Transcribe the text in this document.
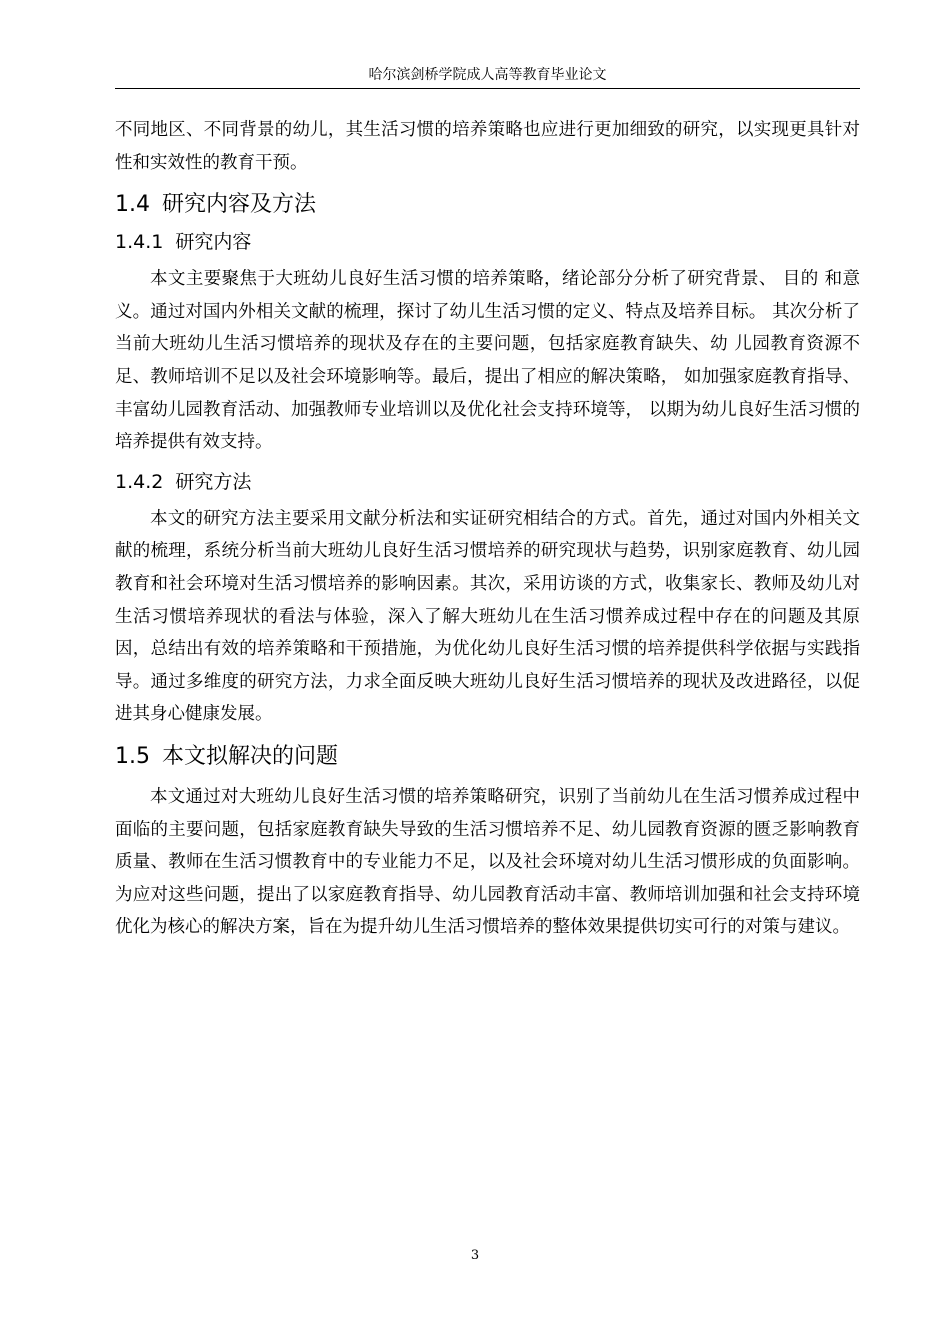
哈尔滨剑桥学院成人高等教育毕业论文

不同地区、不同背景的幼儿，其生活习惯的培养策略也应进行更加细致的研究，以实现更具针对性和实效性的教育干预。

1.4 研究内容及方法
1.4.1 研究内容

本文主要聚焦于大班幼儿良好生活习惯的培养策略，绪论部分分析了研究背景、 目的 和意义。通过对国内外相关文献的梳理，探讨了幼儿生活习惯的定义、特点及培养目标。 其次分析了当前大班幼儿生活习惯培养的现状及存在的主要问题，包括家庭教育缺失、幼 儿园教育资源不足、教师培训不足以及社会环境影响等。最后，提出了相应的解决策略， 如加强家庭教育指导、丰富幼儿园教育活动、加强教师专业培训以及优化社会支持环境等， 以期为幼儿良好生活习惯的培养提供有效支持。

1.4.2 研究方法

本文的研究方法主要采用文献分析法和实证研究相结合的方式。首先，通过对国内外相关文献的梳理，系统分析当前大班幼儿良好生活习惯培养的研究现状与趋势，识别家庭教育、幼儿园教育和社会环境对生活习惯培养的影响因素。其次，采用访谈的方式，收集家长、教师及幼儿对生活习惯培养现状的看法与体验，深入了解大班幼儿在生活习惯养成过程中存在的问题及其原因，总结出有效的培养策略和干预措施，为优化幼儿良好生活习惯的培养提供科学依据与实践指导。通过多维度的研究方法，力求全面反映大班幼儿良好生活习惯培养的现状及改进路径，以促进其身心健康发展。

1.5 本文拟解决的问题

本文通过对大班幼儿良好生活习惯的培养策略研究，识别了当前幼儿在生活习惯养成过程中面临的主要问题，包括家庭教育缺失导致的生活习惯培养不足、幼儿园教育资源的匮乏影响教育质量、教师在生活习惯教育中的专业能力不足，以及社会环境对幼儿生活习惯形成的负面影响。为应对这些问题，提出了以家庭教育指导、幼儿园教育活动丰富、教师培训加强和社会支持环境优化为核心的解决方案，旨在为提升幼儿生活习惯培养的整体效果提供切实可行的对策与建议。

3
